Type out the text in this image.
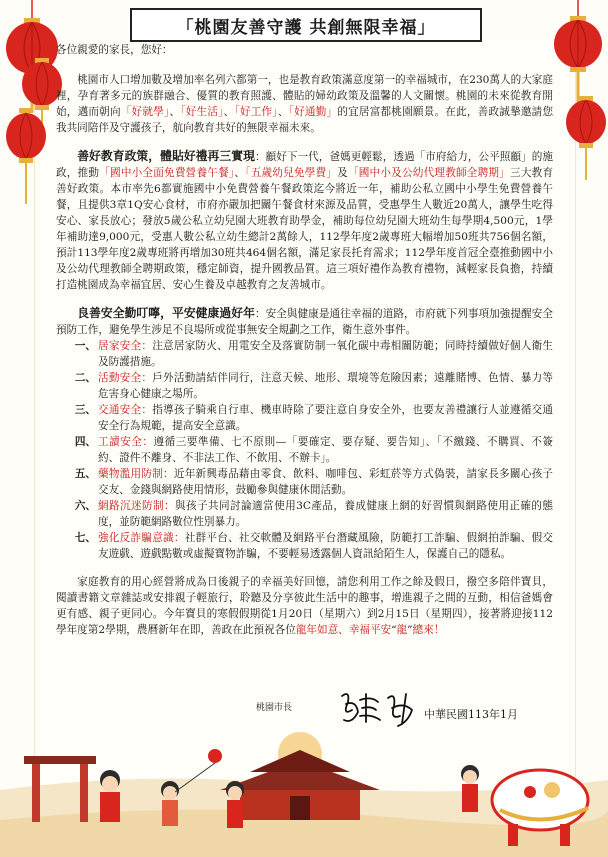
「桃園友善守護 共創無限幸福」

各位親愛的家長，您好：

桃園市人口增加數及增加率名列六都第一，也是教育政策滿意度第一的幸福城市，在230萬人的大家庭裡，孕育著多元的族群融合、優質的教育照護、體貼的婦幼政策及溫馨的人文關懷。桃園的未來從教育開始，邁而朝向「好就學」、「好生活」、「好工作」、「好通勤」的宜居富都桃園願景。在此，善政誠摯邀請您我共同陪伴及守護孩子，航向教育共好的無限幸福未來。

善好教育政策，體貼好禮再三實現：顧好下一代，爸媽更輕鬆，透過「市府給力，公平照顧」的施政，推動「國中小全面免費營養午餐」、「五歲幼兒免學費」及「國中小及公幼代理教師全聘期」三大教育善好政策。本市率先6都實施國中小免費營養午餐政策迄今將近一年，補助公私立國中小學生免費營養午餐，且提供3章1Q安心食材，市府亦嚴加把關午餐食材來源及品質，受惠學生人數近20萬人，讓學生吃得安心、家長放心；發放5歲公私立幼兒園大班教育助學金，補助每位幼兒園大班幼生每學期4,500元，1學年補助達9,000元，受惠人數公私立幼生總計2萬餘人，112學年度2歲專班大幅增加50班共756個名額，預計113學年度2歲專班將再增加30班共464個名額，滿足家長托育需求；112學年度首冠全臺推動國中小及公幼代理教師全聘期政策，穩定師資，提升國教品質。這三項好禮作為教育禮物，減輕家長負擔，持續打造桃園成為幸福宜居、安心生養及卓越教育之友善城市。

良善安全勤叮嚀，平安健康過好年：安全與健康是通往幸福的道路，市府就下列事項加強提醒安全預防工作，避免學生涉足不良場所或從事無安全規劃之工作，衛生意外事件。

一、 居家安全：注意居家防火、用電安全及落實防制一氧化碳中毒相關防範；同時持續做好個人衛生及防護措施。
二、 活動安全：戶外活動請結伴同行，注意天候、地形、環境等危險因素；遠離賭博、色情、暴力等危害身心健康之場所。
三、 交通安全：指導孩子騎乘自行車、機車時除了要注意自身安全外，也要友善禮讓行人並遵循交通安全行為規範，提高安全意識。
四、 工讀安全：遵循三要準備、七不原則—「要確定、要存疑、要告知」、「不繳錢、不購買、不簽約、證件不離身、不非法工作、不飲用、不辦卡」。
五、 藥物濫用防制：近年新興毒品藉由零食、飲料、咖啡包、彩虹菸等方式偽裝，請家長多關心孩子交友、金錢與網路使用情形，鼓勵參與健康休閒活動。
六、 網路沉迷防制：與孩子共同討論適當使用3C產品，養成健康上網的好習慣與網路使用正確的態度，並防範網路數位性別暴力。
七、 強化反詐騙意識：社群平台、社交軟體及網路平台潛藏風險，防範打工詐騙、假網拍詐騙、假交友遊戲、遊戲點數或虛擬寶物詐騙，不要輕易透露個人資訊給陌生人，保護自己的隱私。

家庭教育的用心經營將成為日後親子的幸福美好回憶，請您利用工作之餘及假日，撥空多陪伴寶貝，閱讀書籍文章雜誌或安排親子輕旅行，聆聽及分享彼此生活中的趣事，增進親子之間的互動，相信爸媽會更有感、親子更同心。今年寶貝的寒假假期從1月20日（星期六）到2月15日（星期四），接著將迎接112學年度第2學期，農曆新年在即，善政在此預祝各位龍年如意、幸福平安“龍”總來！

桃園市長	中華民國113年1月
